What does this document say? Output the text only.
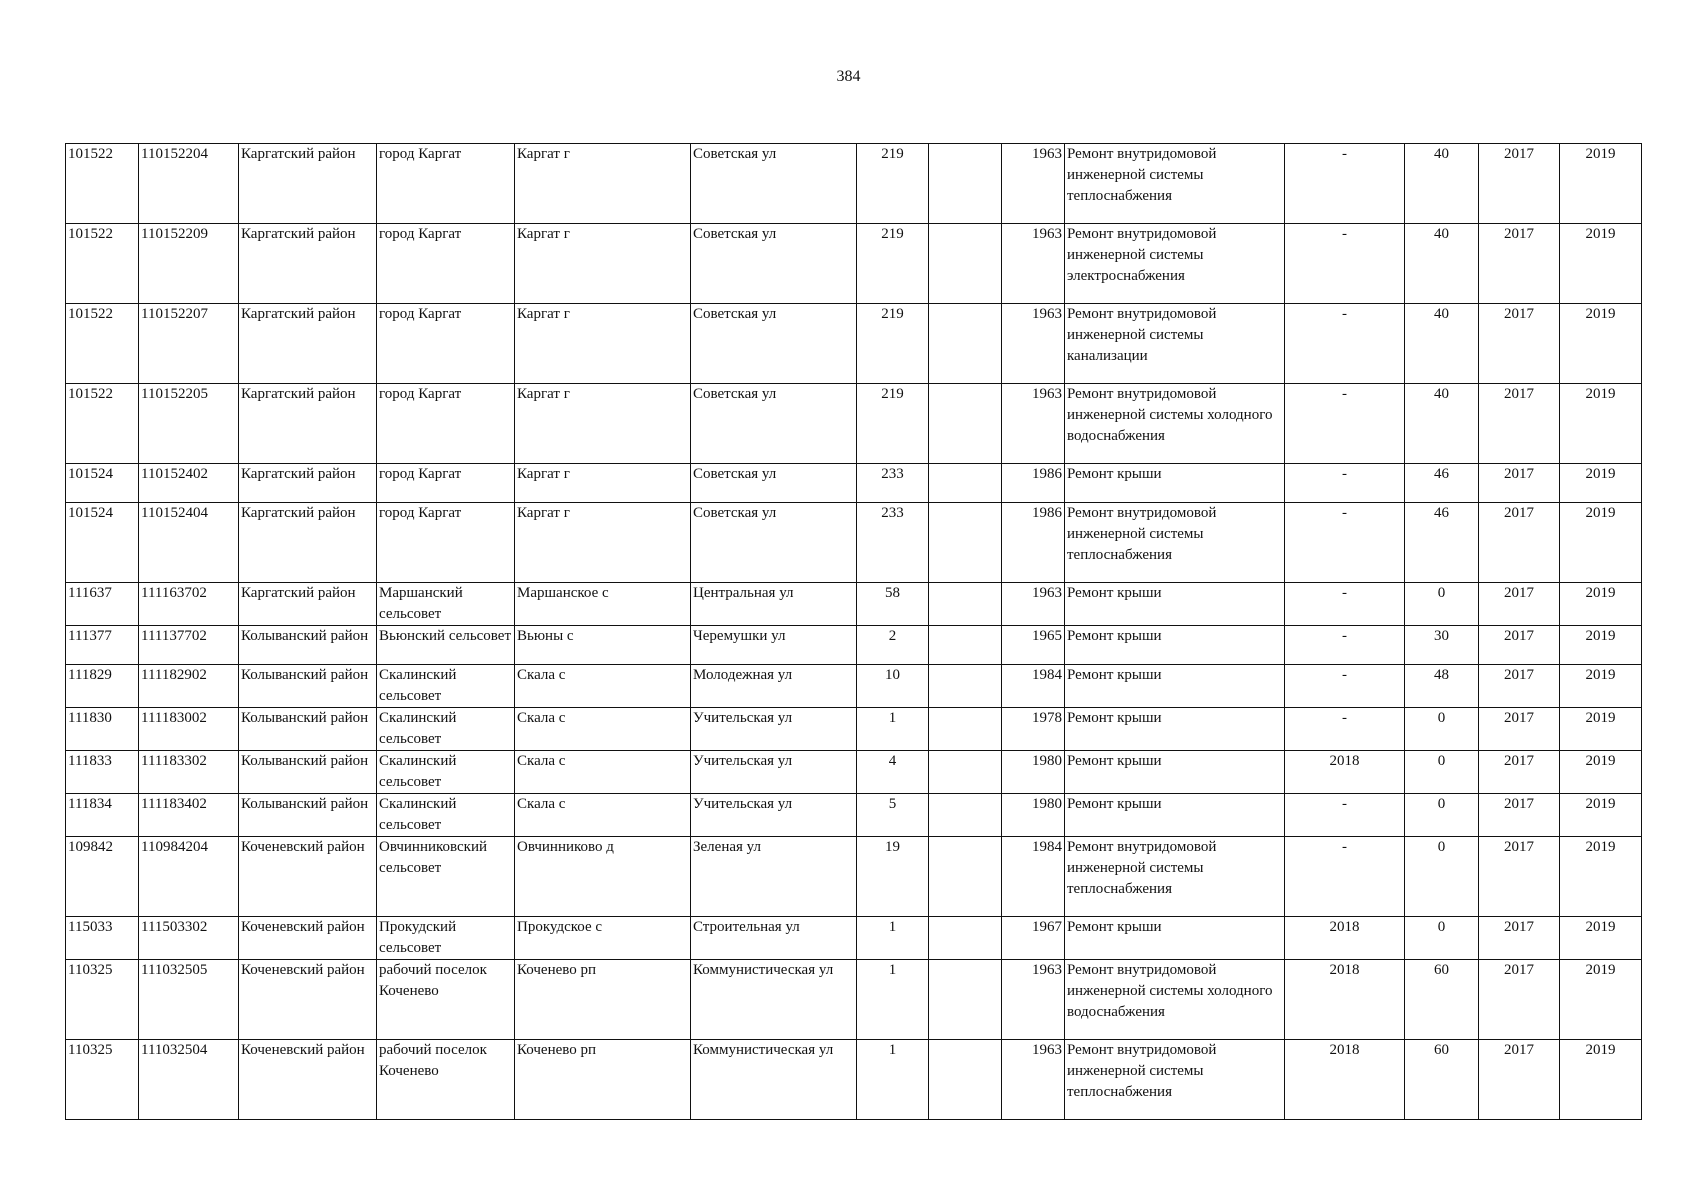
384
101522	110152204	Каргатский район	город Каргат	Каргат г	Советская ул	219		1963	Ремонт внутридомовой инженерной системы теплоснабжения	-	40	2017	2019
101522	110152209	Каргатский район	город Каргат	Каргат г	Советская ул	219		1963	Ремонт внутридомовой инженерной системы электроснабжения	-	40	2017	2019
101522	110152207	Каргатский район	город Каргат	Каргат г	Советская ул	219		1963	Ремонт внутридомовой инженерной системы канализации	-	40	2017	2019
101522	110152205	Каргатский район	город Каргат	Каргат г	Советская ул	219		1963	Ремонт внутридомовой инженерной системы холодного водоснабжения	-	40	2017	2019
101524	110152402	Каргатский район	город Каргат	Каргат г	Советская ул	233		1986	Ремонт крыши	-	46	2017	2019
101524	110152404	Каргатский район	город Каргат	Каргат г	Советская ул	233		1986	Ремонт внутридомовой инженерной системы теплоснабжения	-	46	2017	2019
111637	111163702	Каргатский район	Маршанский сельсовет	Маршанское с	Центральная ул	58		1963	Ремонт крыши	-	0	2017	2019
111377	111137702	Колыванский район	Вьюнский сельсовет	Вьюны с	Черемушки ул	2		1965	Ремонт крыши	-	30	2017	2019
111829	111182902	Колыванский район	Скалинский сельсовет	Скала с	Молодежная ул	10		1984	Ремонт крыши	-	48	2017	2019
111830	111183002	Колыванский район	Скалинский сельсовет	Скала с	Учительская ул	1		1978	Ремонт крыши	-	0	2017	2019
111833	111183302	Колыванский район	Скалинский сельсовет	Скала с	Учительская ул	4		1980	Ремонт крыши	2018	0	2017	2019
111834	111183402	Колыванский район	Скалинский сельсовет	Скала с	Учительская ул	5		1980	Ремонт крыши	-	0	2017	2019
109842	110984204	Коченевский район	Овчинниковский сельсовет	Овчинниково д	Зеленая ул	19		1984	Ремонт внутридомовой инженерной системы теплоснабжения	-	0	2017	2019
115033	111503302	Коченевский район	Прокудский сельсовет	Прокудское с	Строительная ул	1		1967	Ремонт крыши	2018	0	2017	2019
110325	111032505	Коченевский район	рабочий поселок Коченево	Коченево рп	Коммунистическая ул	1		1963	Ремонт внутридомовой инженерной системы холодного водоснабжения	2018	60	2017	2019
110325	111032504	Коченевский район	рабочий поселок Коченево	Коченево рп	Коммунистическая ул	1		1963	Ремонт внутридомовой инженерной системы теплоснабжения	2018	60	2017	2019
